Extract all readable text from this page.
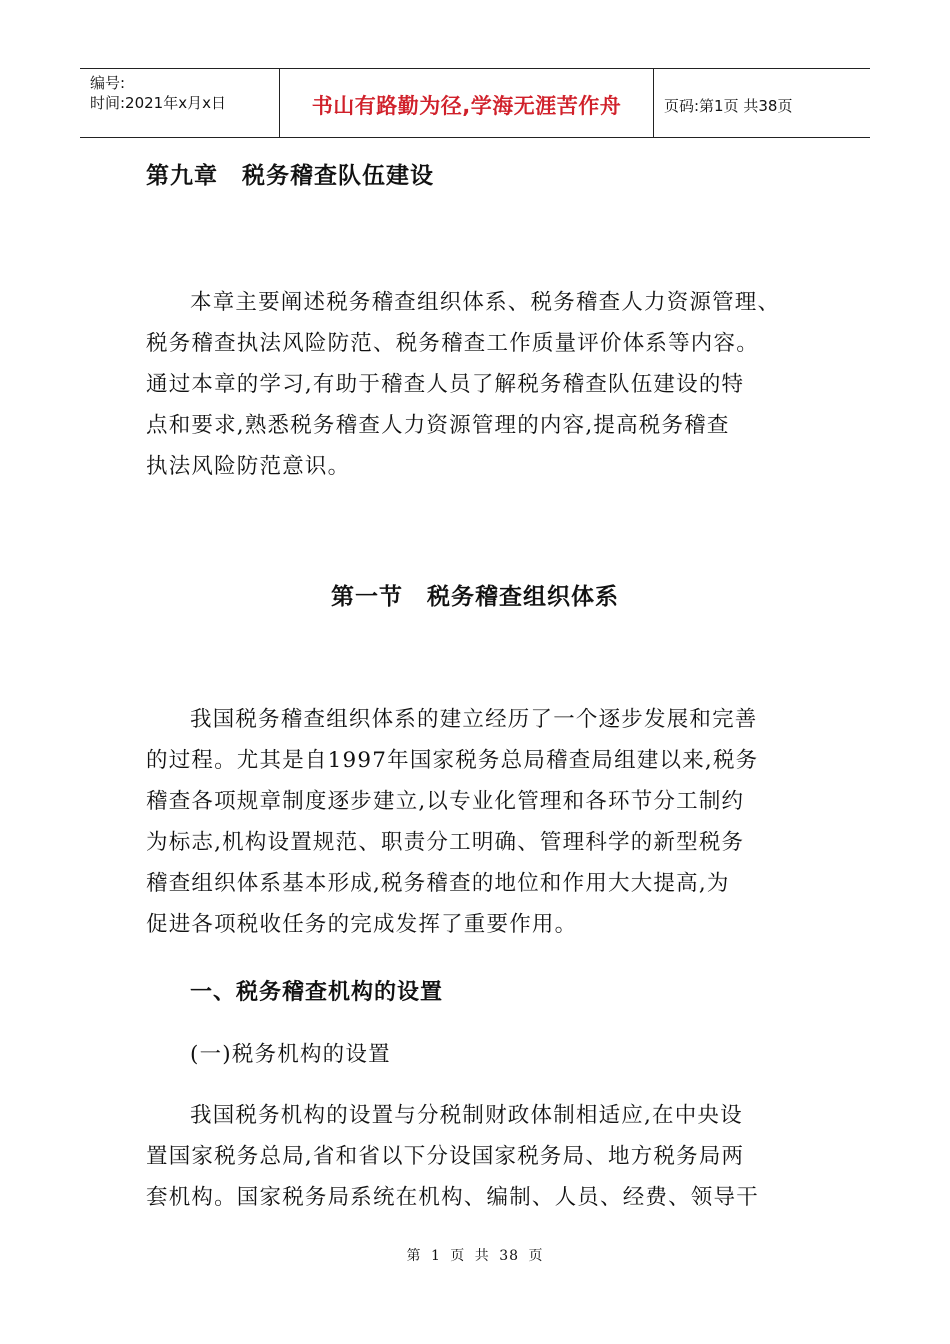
编号:
时间:2021年x月x日	书山有路勤为径,学海无涯苦作舟	页码:第1页 共38页
第九章　税务稽查队伍建设
本章主要阐述税务稽查组织体系、税务稽查人力资源管理、
税务稽查执法风险防范、税务稽查工作质量评价体系等内容。
通过本章的学习,有助于稽查人员了解税务稽查队伍建设的特
点和要求,熟悉税务稽查人力资源管理的内容,提高税务稽查
执法风险防范意识。
第一节　税务稽查组织体系
我国税务稽查组织体系的建立经历了一个逐步发展和完善
的过程。尤其是自1997年国家税务总局稽查局组建以来,税务
稽查各项规章制度逐步建立,以专业化管理和各环节分工制约
为标志,机构设置规范、职责分工明确、管理科学的新型税务
稽查组织体系基本形成,税务稽查的地位和作用大大提高,为
促进各项税收任务的完成发挥了重要作用。
一、税务稽查机构的设置
(一)税务机构的设置
我国税务机构的设置与分税制财政体制相适应,在中央设
置国家税务总局,省和省以下分设国家税务局、地方税务局两
套机构。国家税务局系统在机构、编制、人员、经费、领导干
第 1 页 共 38 页
